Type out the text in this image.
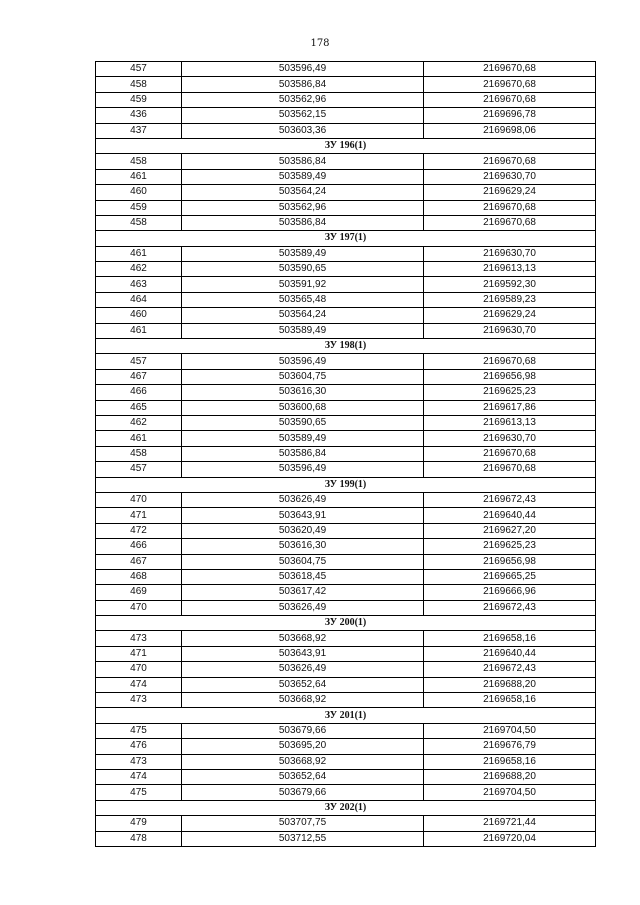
178
457	503596,49	2169670,68
458	503586,84	2169670,68
459	503562,96	2169670,68
436	503562,15	2169696,78
437	503603,36	2169698,06
ЗУ 196(1)		
458	503586,84	2169670,68
461	503589,49	2169630,70
460	503564,24	2169629,24
459	503562,96	2169670,68
458	503586,84	2169670,68
ЗУ 197(1)		
461	503589,49	2169630,70
462	503590,65	2169613,13
463	503591,92	2169592,30
464	503565,48	2169589,23
460	503564,24	2169629,24
461	503589,49	2169630,70
ЗУ 198(1)		
457	503596,49	2169670,68
467	503604,75	2169656,98
466	503616,30	2169625,23
465	503600,68	2169617,86
462	503590,65	2169613,13
461	503589,49	2169630,70
458	503586,84	2169670,68
457	503596,49	2169670,68
ЗУ 199(1)		
470	503626,49	2169672,43
471	503643,91	2169640,44
472	503620,49	2169627,20
466	503616,30	2169625,23
467	503604,75	2169656,98
468	503618,45	2169665,25
469	503617,42	2169666,96
470	503626,49	2169672,43
ЗУ 200(1)		
473	503668,92	2169658,16
471	503643,91	2169640,44
470	503626,49	2169672,43
474	503652,64	2169688,20
473	503668,92	2169658,16
ЗУ 201(1)		
475	503679,66	2169704,50
476	503695,20	2169676,79
473	503668,92	2169658,16
474	503652,64	2169688,20
475	503679,66	2169704,50
ЗУ 202(1)		
479	503707,75	2169721,44
478	503712,55	2169720,04
